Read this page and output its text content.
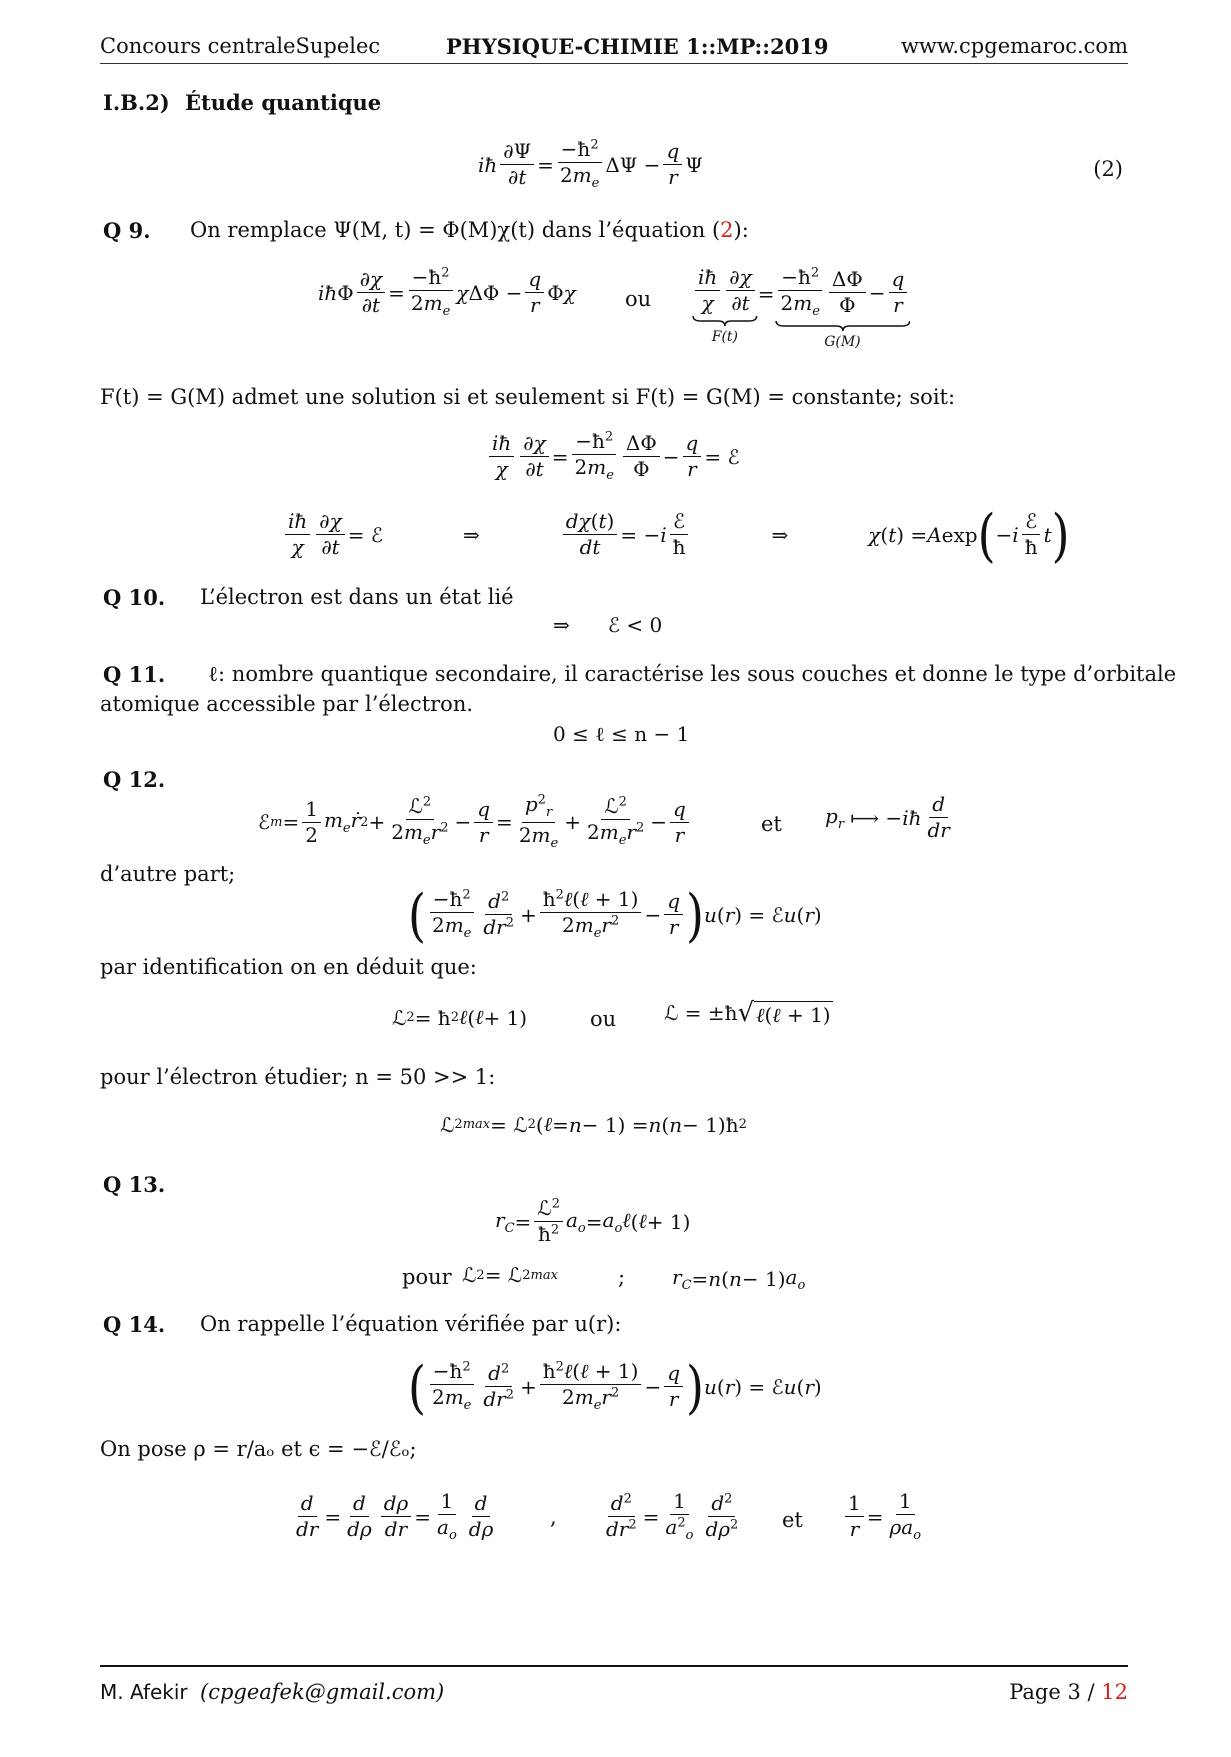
Concours centraleSupelec	PHYSIQUE-CHIMIE 1::MP::2019	www.cpgemaroc.com
I.B.2) Étude quantique
iħ $\frac{\partial\Psi}{\partial t} = \frac{-ħ^2}{2m_e}$ $\Delta\Psi - \frac{q}{r}$ Ψ	(2)
Q 9. On remplace Ψ(M, t) = Φ(M)χ(t) dans l’équation (2):
iħ Φ $\frac{\partial\chi}{\partial t} = \frac{-ħ^2}{2m_e}$ χ $\Delta\Phi - \frac{q}{r}$ Φ χ ou $\frac{iħ}{\chi} \frac{\partial\chi}{\partial t}$
F(t)
= $\frac{-ħ^2}{2m_e} \frac{\Delta\Phi}{\Phi} - \frac{q}{r}$
G(M)
F(t) = G(M) admet une solution si et seulement si F(t) = G(M) = constante; soit:
$\frac{iħ}{\chi} \frac{\partial\chi}{\partial t} = \frac{-ħ^2}{2m_e} \frac{\Delta\Phi}{\Phi} - \frac{q}{r}$ = ℰ
$\frac{iħ}{\chi} \frac{\partial\chi}{\partial t}$ = ℰ	⇒	$\frac{d\chi(t)}{dt}$ = − i $\frac{\text{ℰ}}{ħ}$	⇒	χ ( t ) = A exp ( − i $\frac{\text{ℰ}}{ħ}$ t )
Q 10. L’électron est dans un état lié
⇒      ℰ < 0
Q 11. ℓ: nombre quantique secondaire, il caractérise les sous couches et donne le type d’orbitale
atomique accessible par l’électron.
0 ≤ ℓ ≤ n − 1
Q 12.
ℰ $m = \frac{1}{2}$ $m_eṙ$ $2 + \frac{ℒ^2}{2m_er^2} - \frac{q}{r} = \frac{p^2_r}{2m_e} + \frac{ℒ^2}{2m_er^2} - \frac{q}{r}$	et $p_r$ ⟼ − iħ $\frac{d}{dr}$
d’autre part;
( $\frac{-ħ^2}{2m_e} \frac{d^2}{dr^2} + \frac{ħ^2\ell(\ell + 1)}{2m_er^2} - \frac{q}{r}$ ) u ( r ) = ℰ u ( r )
par identification on en déduit que:
ℒ 2 = ħ 2 ℓ ( ℓ + 1)	ou ℒ = ±ħ √ ℓ(ℓ + 1)
pour l’électron étudier; n = 50 >> 1:
ℒ 2 max = ℒ 2 ( ℓ = n − 1) = n ( n − 1)ħ 2
Q 13.
$r_C = \frac{ℒ^2}{ħ^2} a_o$ = $a_o\ell$ ( ℓ + 1)
pour ℒ 2 = ℒ 2 max	; $r_C = n$ ( n − 1) $a_o$
Q 14. On rappelle l’équation vérifiée par u(r):
( $\frac{-ħ^2}{2m_e} \frac{d^2}{dr^2} + \frac{ħ^2\ell(\ell + 1)}{2m_er^2} - \frac{q}{r}$ ) u ( r ) = ℰ u ( r )
On pose ρ = r/aₒ et ϵ = −ℰ/ℰₒ;
$\frac{d}{dr} = \frac{d}{d\rho} \frac{d\rho}{dr} = \frac{1}{a_o} \frac{d}{d\rho}$	, $\frac{d^2}{dr^2} = \frac{1}{a^2_o} \frac{d^2}{d\rho^2}$ et $\frac{1}{r} = \frac{1}{\rho a_o}$
M. Afekir (cpgeafek@gmail.com)	Page 3 / 12
